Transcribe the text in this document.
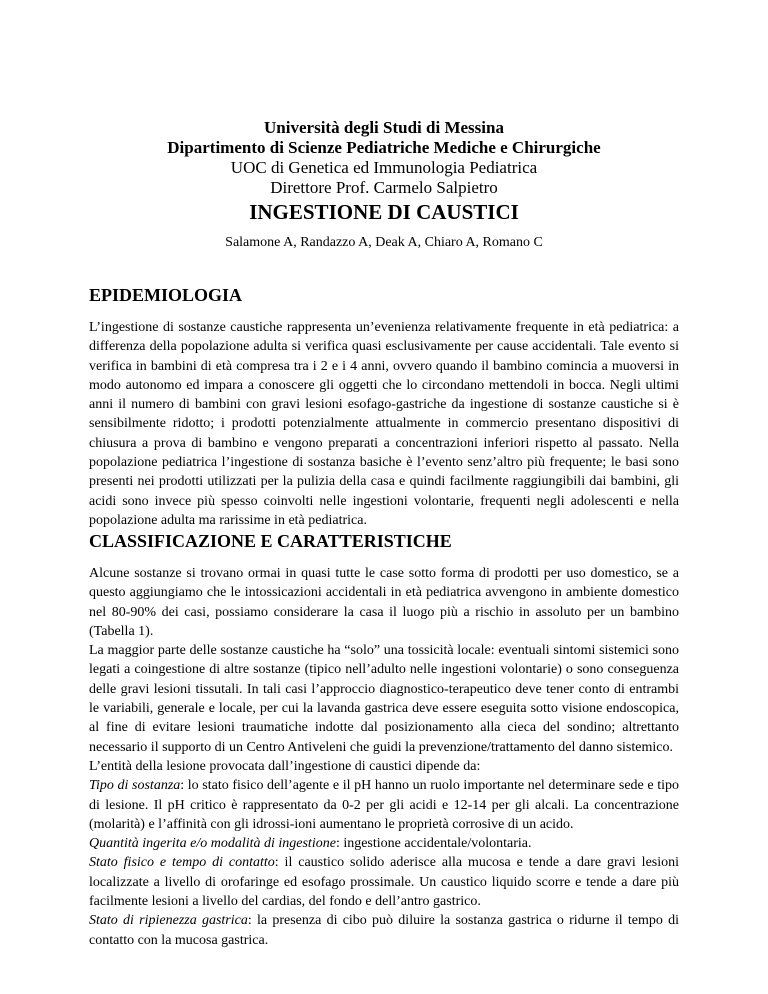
Università degli Studi di Messina
Dipartimento di Scienze Pediatriche Mediche e Chirurgiche
UOC di Genetica ed Immunologia Pediatrica
Direttore Prof. Carmelo Salpietro
INGESTIONE DI CAUSTICI
Salamone A, Randazzo A, Deak A, Chiaro A, Romano C
EPIDEMIOLOGIA

L’ingestione di sostanze caustiche rappresenta un’evenienza relativamente frequente in età pediatrica: a differenza della popolazione adulta si verifica quasi esclusivamente per cause accidentali. Tale evento si verifica in bambini di età compresa tra i 2 e i 4 anni, ovvero quando il bambino comincia a muoversi in modo autonomo ed impara a conoscere gli oggetti che lo circondano mettendoli in bocca. Negli ultimi anni il numero di bambini con gravi lesioni esofago-gastriche da ingestione di sostanze caustiche si è sensibilmente ridotto; i prodotti potenzialmente attualmente in commercio presentano dispositivi di chiusura a prova di bambino e vengono preparati a concentrazioni inferiori rispetto al passato. Nella popolazione pediatrica l’ingestione di sostanza basiche è l’evento senz’altro più frequente; le basi sono presenti nei prodotti utilizzati per la pulizia della casa e quindi facilmente raggiungibili dai bambini, gli acidi sono invece più spesso coinvolti nelle ingestioni volontarie, frequenti negli adolescenti e nella popolazione adulta ma rarissime in età pediatrica.

CLASSIFICAZIONE E CARATTERISTICHE

Alcune sostanze si trovano ormai in quasi tutte le case sotto forma di prodotti per uso domestico, se a questo aggiungiamo che le intossicazioni accidentali in età pediatrica avvengono in ambiente domestico nel 80-90% dei casi, possiamo considerare la casa il luogo più a rischio in assoluto per un bambino (Tabella 1).

La maggior parte delle sostanze caustiche ha “solo” una tossicità locale: eventuali sintomi sistemici sono legati a coingestione di altre sostanze (tipico nell’adulto nelle ingestioni volontarie) o sono conseguenza delle gravi lesioni tissutali. In tali casi l’approccio diagnostico-terapeutico deve tener conto di entrambi le variabili, generale e locale, per cui la lavanda gastrica deve essere eseguita sotto visione endoscopica, al fine di evitare lesioni traumatiche indotte dal posizionamento alla cieca del sondino; altrettanto necessario il supporto di un Centro Antiveleni che guidi la prevenzione/trattamento del danno sistemico.

L’entità della lesione provocata dall’ingestione di caustici dipende da:

Tipo di sostanza: lo stato fisico dell’agente e il pH hanno un ruolo importante nel determinare sede e tipo di lesione. Il pH critico è rappresentato da 0-2 per gli acidi e 12-14 per gli alcali. La concentrazione (molarità) e l’affinità con gli idrossi-ioni aumentano le proprietà corrosive di un acido.

Quantità ingerita e/o modalità di ingestione: ingestione accidentale/volontaria.

Stato fisico e tempo di contatto: il caustico solido aderisce alla mucosa e tende a dare gravi lesioni localizzate a livello di orofaringe ed esofago prossimale. Un caustico liquido scorre e tende a dare più facilmente lesioni a livello del cardias, del fondo e dell’antro gastrico.

Stato di ripienezza gastrica: la presenza di cibo può diluire la sostanza gastrica o ridurne il tempo di contatto con la mucosa gastrica.
